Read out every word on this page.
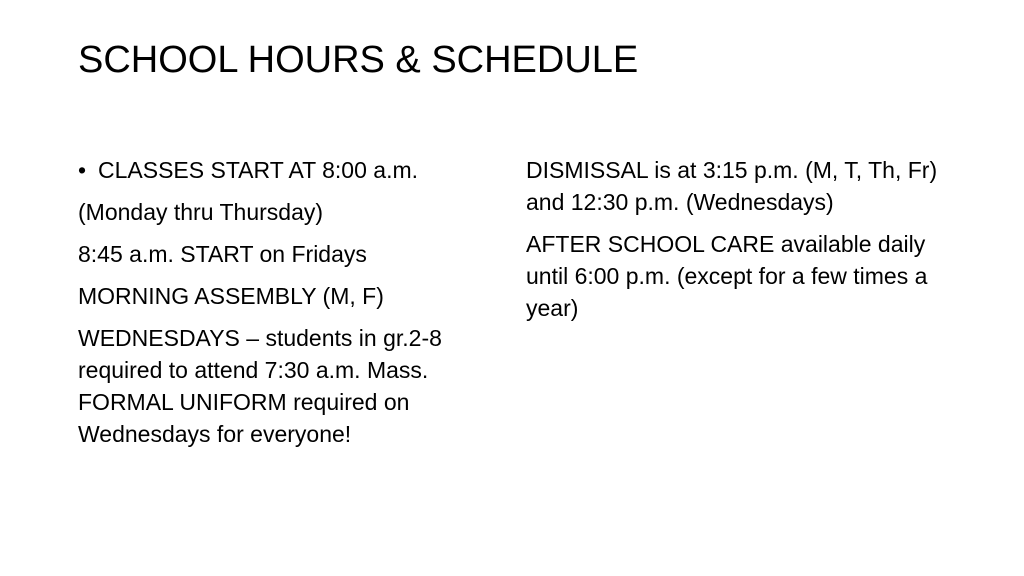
SCHOOL HOURS & SCHEDULE
• CLASSES START AT 8:00 a.m.
(Monday thru Thursday)
8:45 a.m. START on Fridays
MORNING ASSEMBLY (M, F)
WEDNESDAYS – students in gr.2-8 required to attend 7:30 a.m. Mass. FORMAL UNIFORM required on Wednesdays for everyone!
DISMISSAL is at 3:15 p.m. (M, T, Th, Fr) and 12:30 p.m. (Wednesdays)
AFTER SCHOOL CARE available daily until 6:00 p.m. (except for a few times a year)
